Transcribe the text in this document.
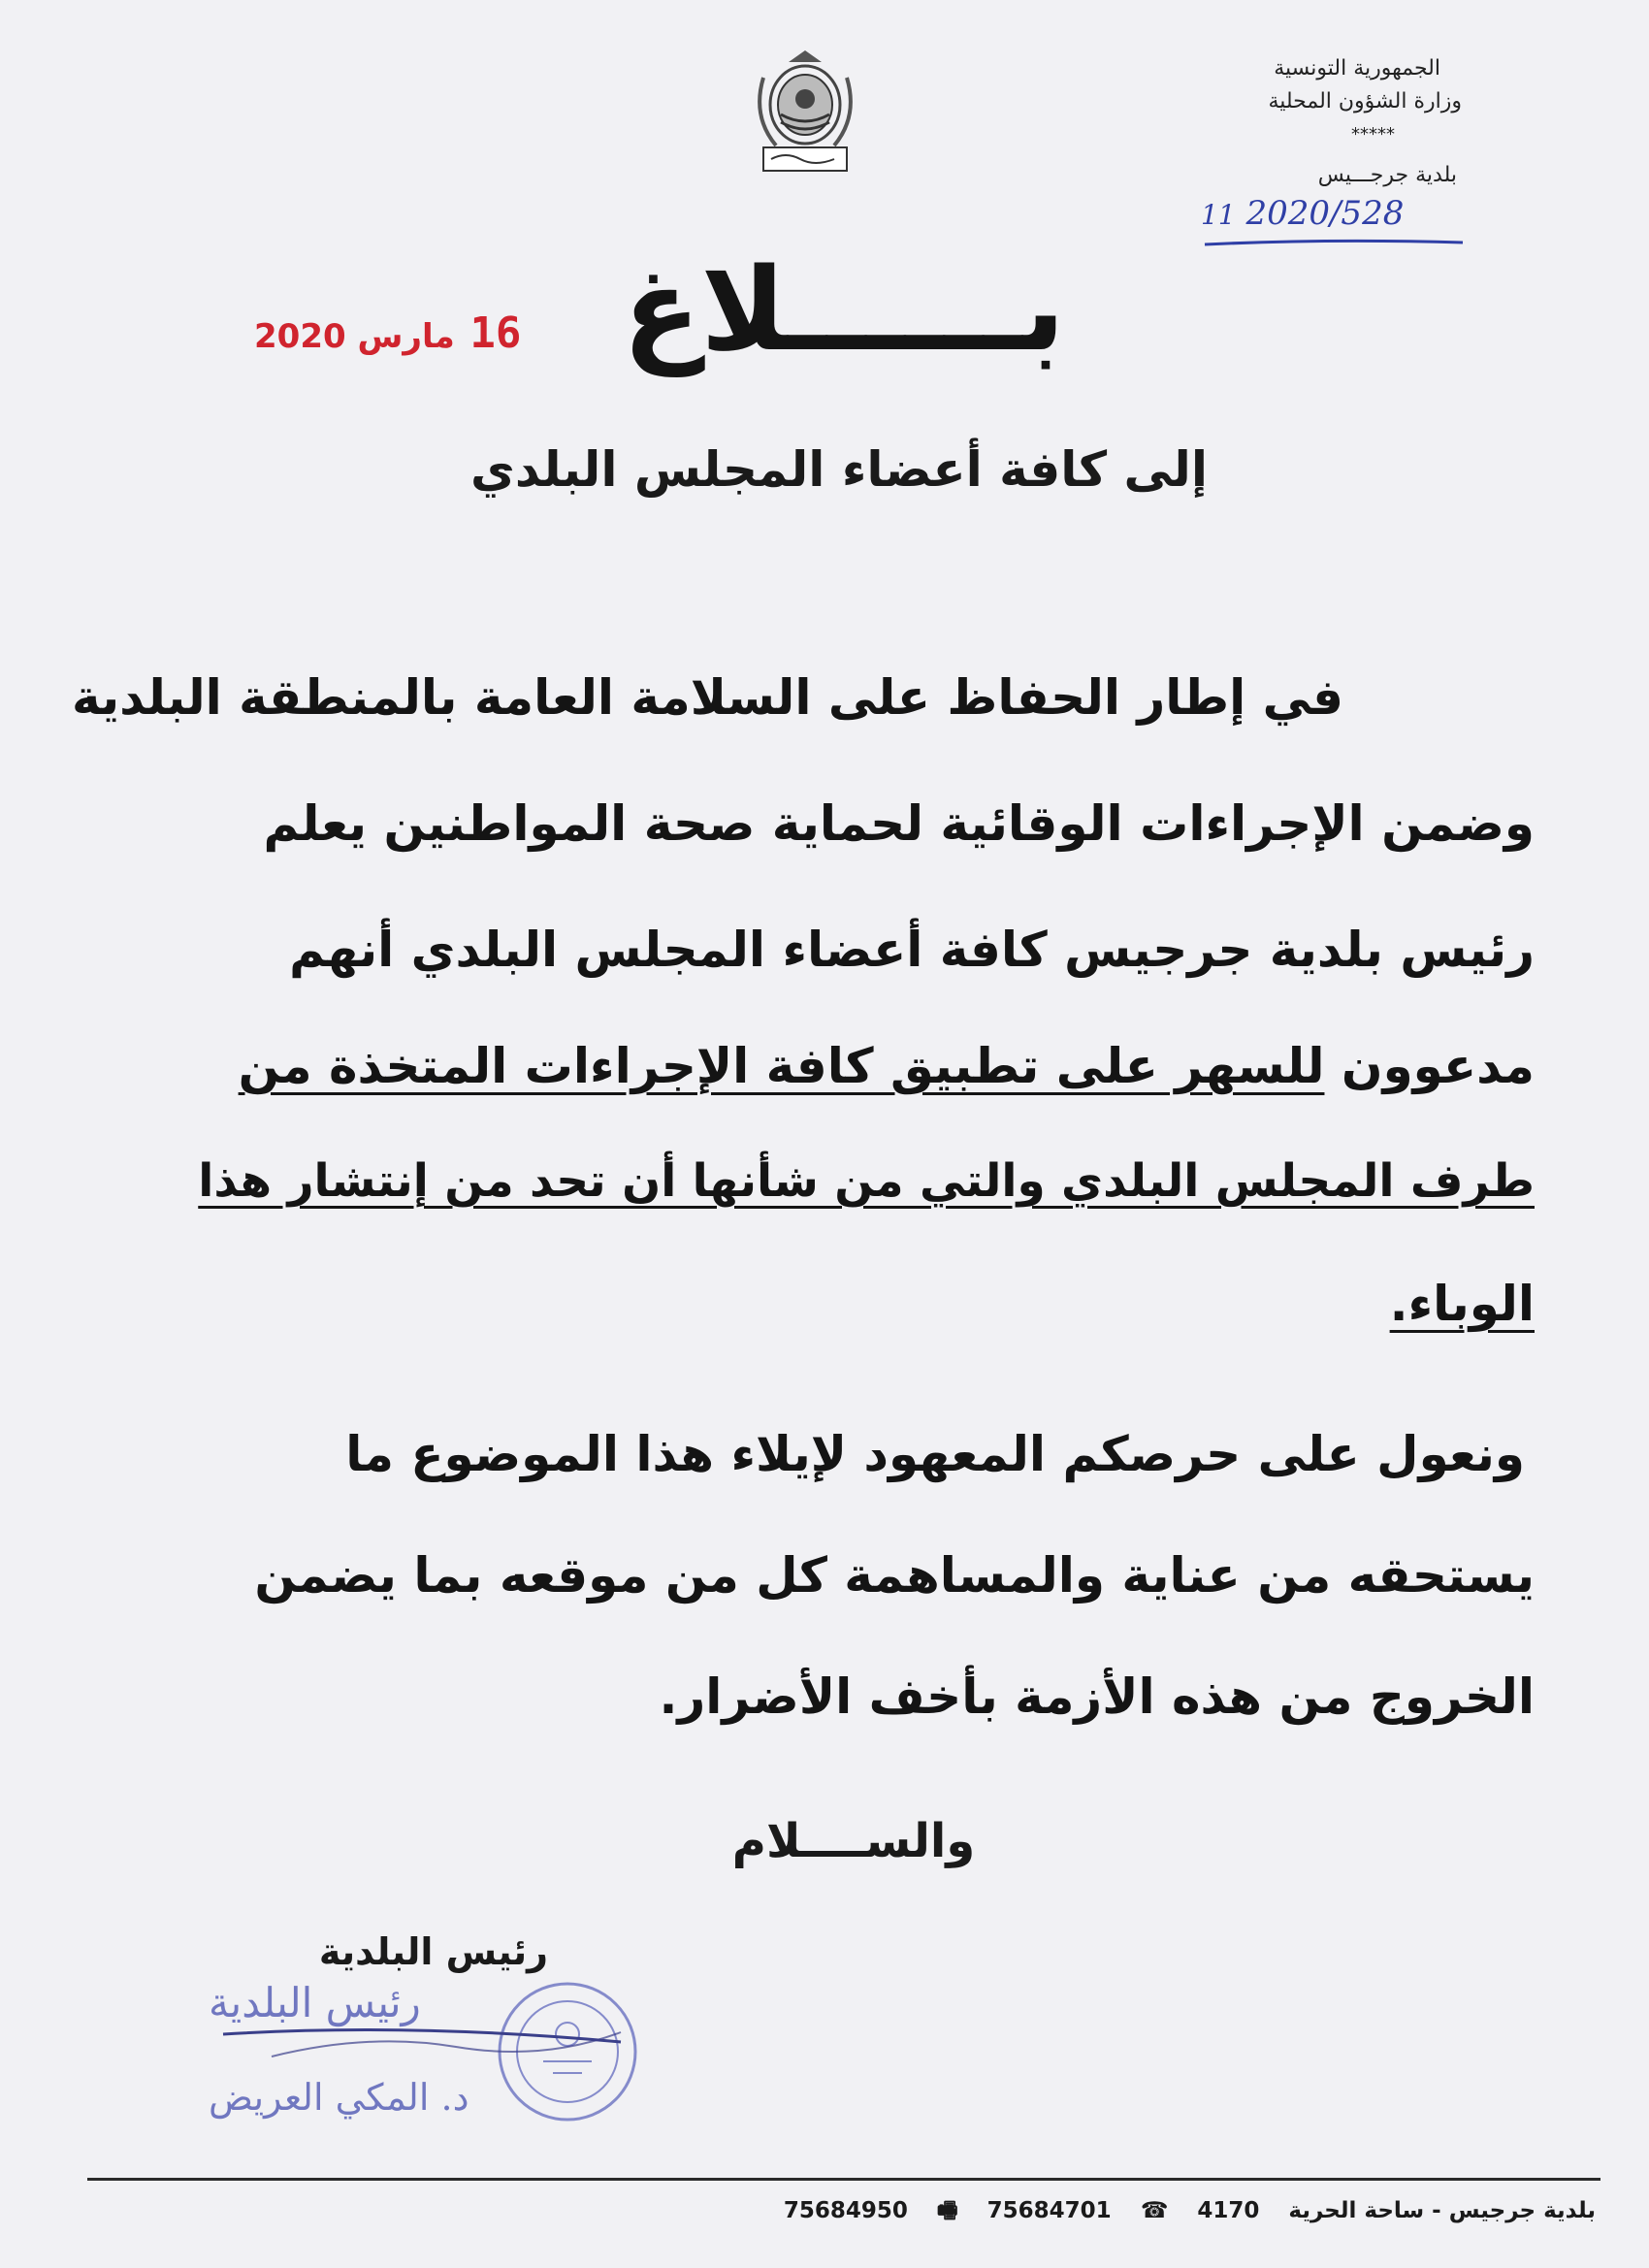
الجمهورية التونسية
وزارة الشؤون المحلية
*****
بلدية جرجـــيس
11 2020/528
16 مارس 2020	بــــــلاغ
إلى كافة أعضاء المجلس البلدي
في إطار الحفاظ على السلامة العامة بالمنطقة البلدية
وضمن الإجراءات الوقائية لحماية صحة المواطنين يعلم
رئيس بلدية جرجيس كافة أعضاء المجلس البلدي أنهم
مدعوون للسهر على تطبيق كافة الإجراءات المتخذة من
طرف المجلس البلدي والتي من شأنها أن تحد من إنتشار هذا
الوباء.
ونعول على حرصكم المعهود لإيلاء هذا الموضوع ما
يستحقه من عناية والمساهمة كل من موقعه بما يضمن
الخروج من هذه الأزمة بأخف الأضرار.
والســــلام
رئيس البلدية
رئيس البلدية
د. المكي العريض
بلدية جرجيس - ساحة الحرية 4170 ☎ 75684701 🖷 75684950
